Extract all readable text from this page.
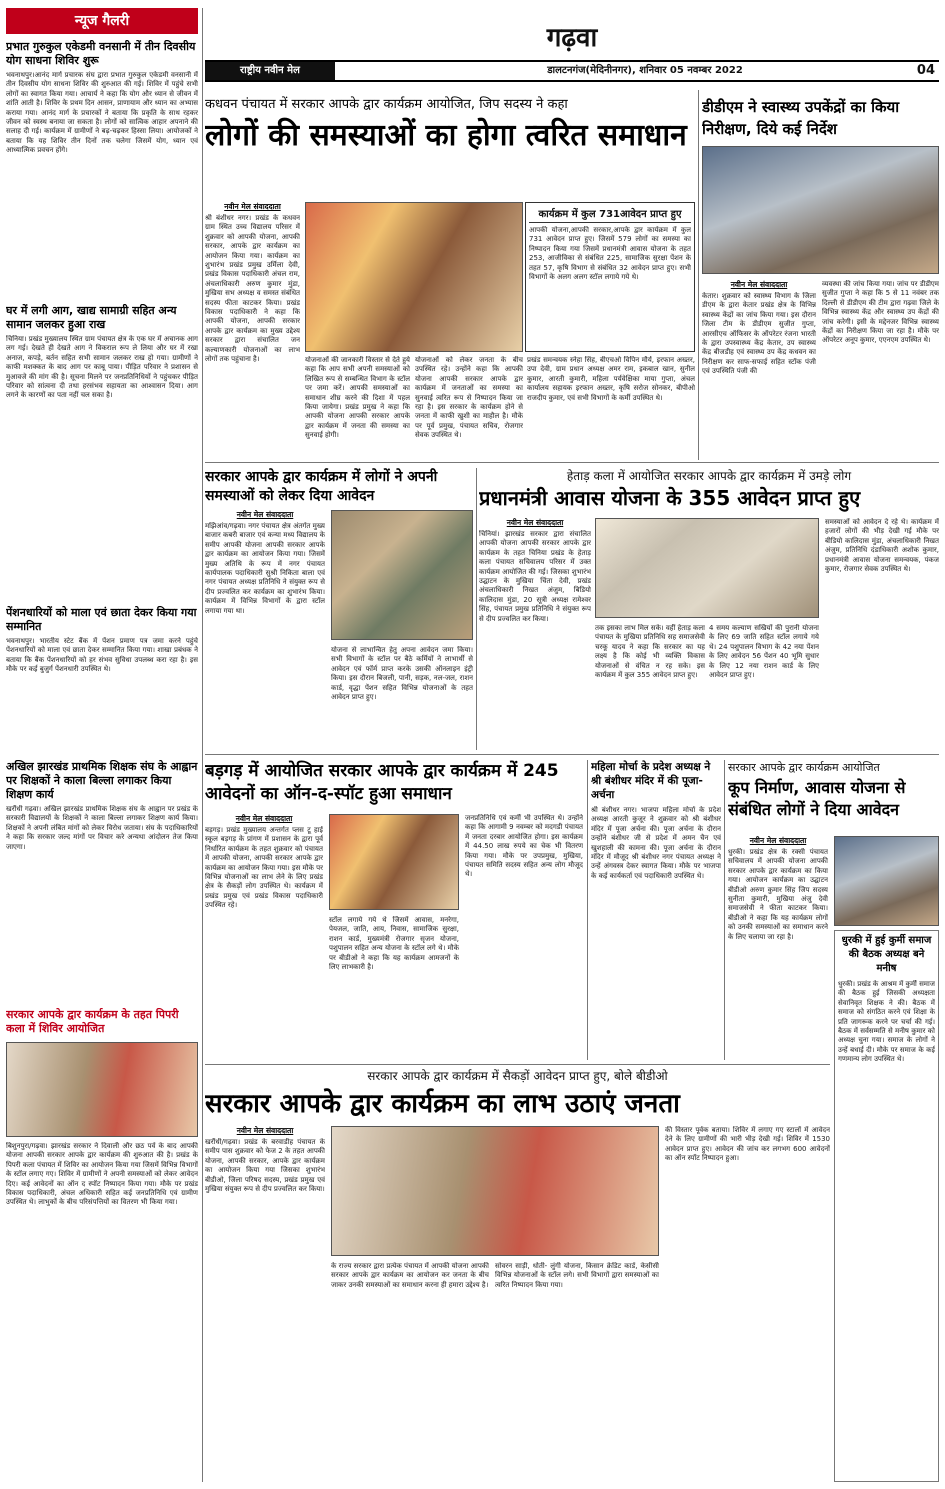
न्यूज गैलरी
प्रभात गुरुकुल एकेडमी वनसानी में तीन दिवसीय योग साधना शिविर शुरू
भवनाथपुर।आनंद मार्ग प्रचारक संघ द्वारा प्रभात गुरुकुल एकेडमी वनसानी में तीन दिवसीय योग साधना शिविर की शुरुआत की गई। शिविर में पहुंचे सभी लोगों का स्वागत किया गया। आचार्य ने कहा कि योग और ध्यान से जीवन में शांति आती है। शिविर के प्रथम दिन आसन, प्राणायाम और ध्यान का अभ्यास कराया गया। आनंद मार्ग के प्रचारकों ने बताया कि प्रकृति के साथ रहकर जीवन को स्वस्थ बनाया जा सकता है। लोगों को सात्विक आहार अपनाने की सलाह दी गई। कार्यक्रम में ग्रामीणों ने बढ़-चढ़कर हिस्सा लिया। आयोजकों ने बताया कि यह शिविर तीन दिनों तक चलेगा जिसमें योग, ध्यान एवं आध्यात्मिक प्रवचन होंगे।
घर में लगी आग, खाद्य सामाग्री सहित अन्य सामान जलकर हुआ राख
चिनिया। प्रखंड मुख्यालय स्थित ग्राम पंचायत क्षेत्र के एक घर में अचानक आग लग गई। देखते ही देखते आग ने विकराल रूप ले लिया और घर में रखा अनाज, कपड़े, बर्तन सहित सभी सामान जलकर राख हो गया। ग्रामीणों ने काफी मशक्कत के बाद आग पर काबू पाया। पीड़ित परिवार ने प्रशासन से मुआवजे की मांग की है। सूचना मिलने पर जनप्रतिनिधियों ने पहुंचकर पीड़ित परिवार को सांत्वना दी तथा हरसंभव सहायता का आश्वासन दिया। आग लगने के कारणों का पता नहीं चल सका है।
पेंशनधारियों को माला एवं छाता देकर किया गया सम्मानित
भवनाथपुर। भारतीय स्टेट बैंक में पेंशन प्रमाण पत्र जमा करने पहुंचे पेंशनधारियों को माला एवं छाता देकर सम्मानित किया गया। शाखा प्रबंधक ने बताया कि बैंक पेंशनधारियों को हर संभव सुविधा उपलब्ध करा रहा है। इस मौके पर कई बुजुर्ग पेंशनधारी उपस्थित थे।
अखिल झारखंड प्राथमिक शिक्षक संघ के आह्वान पर शिक्षकों ने काला बिल्ला लगाकर किया शिक्षण कार्य
खरौंधी गढ़वा। अखिल झारखंड प्राथमिक शिक्षक संघ के आह्वान पर प्रखंड के सरकारी विद्यालयों के शिक्षकों ने काला बिल्ला लगाकर शिक्षण कार्य किया। शिक्षकों ने अपनी लंबित मांगों को लेकर विरोध जताया। संघ के पदाधिकारियों ने कहा कि सरकार जल्द मांगों पर विचार करे अन्यथा आंदोलन तेज किया जाएगा।
सरकार आपके द्वार कार्यक्रम के तहत पिपरी कला में शिविर आयोजित
बिशुनपुरा/गढ़वा। झारखंड सरकार ने दिवाली और छठ पर्व के बाद आपकी योजना आपकी सरकार आपके द्वार कार्यक्रम की शुरुआत की है। प्रखंड के पिपरी कला पंचायत में शिविर का आयोजन किया गया जिसमें विभिन्न विभागों के स्टॉल लगाए गए। शिविर में ग्रामीणों ने अपनी समस्याओं को लेकर आवेदन दिए। कई आवेदनों का ऑन द स्पॉट निष्पादन किया गया। मौके पर प्रखंड विकास पदाधिकारी, अंचल अधिकारी सहित कई जनप्रतिनिधि एवं ग्रामीण उपस्थित थे। लाभुकों के बीच परिसंपत्तियों का वितरण भी किया गया।
गढ़वा
राष्ट्रीय नवीन मेल	डालटनगंज(मेदिनीनगर), शनिवार 05 नवम्बर 2022	04
कधवन पंचायत में सरकार आपके द्वार कार्यक्रम आयोजित, जिप सदस्य ने कहा
लोगों की समस्याओं का होगा त्वरित समाधान
नवीन मेल संवाददाता
श्री बंशीधर नगर। प्रखंड के कधवन ग्राम स्थित उच्च विद्यालय परिसर में शुक्रवार को आपकी योजना, आपकी सरकार, आपके द्वार कार्यक्रम का आयोजन किया गया। कार्यक्रम का शुभारंभ प्रखंड प्रमुख उर्मिला देवी, प्रखंड विकास पदाधिकारी अंचल राम, अंचलाधिकारी अरुण कुमार मुंडा, मुखिया सभ अध्यक्ष व समस्त संबंधित सदस्य फीता काटकर किया। प्रखंड विकास पदाधिकारी ने कहा कि आपकी योजना, आपकी सरकार आपके द्वार कार्यक्रम का मुख्य उद्देश्य सरकार द्वारा संचालित जन कल्याणकारी योजनाओं का लाभ लोगों तक पहुंचाना है।
कार्यक्रम में कुल 731आवेदन प्राप्त हुए
आपकी योजना,आपकी सरकार,आपके द्वार कार्यक्रम में कुल 731 आवेदन प्राप्त हुए। जिसमें 579 लोगों का समस्या का निष्पादन किया गया जिसमें प्रधानमंत्री आवास योजना के तहत 253, आजीविका से संबंधित 225, सामाजिक सुरक्षा पेंशन के तहत 57, कृषि विभाग से संबंधित 32 आवेदन प्राप्त हुए। सभी विभागों के अलग अलग स्टॉल लगाये गये थे।
योजनाओं की जानकारी विस्तार से देते हुये कहा कि आप सभी अपनी समस्याओं को लिखित रूप से सम्बन्धित विभाग के स्टॉल पर जमा करें। आपकी समस्याओं का समाधान शीघ्र करने की दिशा में पहल किया जायेगा। प्रखंड प्रमुख ने कहा कि आपकी योजना आपकी सरकार आपके द्वार कार्यक्रम में जनता की समस्या का सुनवाई होगी।
योजनाओं को लेकर जनता के बीच उपस्थित रहे। उन्होंने कहा कि आपकी योजना आपकी सरकार आपके द्वार कार्यक्रम में जनताओं का समस्या का सुनवाई त्वरित रूप से निष्पादन किया जा रहा है। इस सरकार के कार्यक्रम होने से जनता में काफी खुशी का माहौल है। मौके पर पूर्व प्रमुख, पंचायत सचिव, रोजगार सेवक उपस्थित थे।
प्रखंड समन्वयक स्नेहा सिंह, बीएचओ विपिन मौर्य, इरफान अख्तर, उपा देवी, ग्राम प्रधान अध्यक्ष अमर राम, इकबाल खान, सुनील कुमार, आरती कुमारी, महिला पर्यवेक्षिका माया गुप्ता, अंचल कार्यालय सहायक इरफान अख्तर, कृषि सरोज सोनकर, बीपीओ राजदीप कुमार, एवं सभी विभागों के कर्मी उपस्थित थे।
डीडीएम ने स्वास्थ्य उपकेंद्रों का किया निरीक्षण, दिये कई निर्देश
नवीन मेल संवाददाता
केतार। शुक्रवार को स्वास्थ्य विभाग के जिला डीएम के द्वारा केतार प्रखंड क्षेत्र के विभिन्न स्वास्थ्य केंद्रों का जांच किया गया। इस दौरान जिला टीम के डीडीएम सुजीत गुप्ता, आरसीएच ऑफिसर के ऑपरेटर रंजना भारती के द्वारा उपस्वास्थ्य केंद्र केतार, उप स्वास्थ्य केंद्र बीजडीह एवं स्वास्थ्य उप केंद्र कधवन का निरीक्षण कर साफ-सफाई सहित स्टॉक पंजी एवं उपस्थिति पंजी की
व्यवस्था की जांच किया गया। जांच पर डीडीएम सुजीत गुप्ता ने कहा कि 5 से 11 नवंबर तक दिल्ली से डीडीएम की टीम द्वारा गढ़वा जिले के विभिन्न स्वास्थ्य केंद्र और स्वास्थ्य उप केंद्रों की जांच करेगी। इसी के मद्देनजर विभिन्न स्वास्थ्य केंद्रों का निरीक्षण किया जा रहा है। मौके पर ऑपरेटर अनूप कुमार, एएनएम उपस्थित थे।
सरकार आपके द्वार कार्यक्रम में लोगों ने अपनी समस्याओं को लेकर दिया आवेदन
नवीन मेल संवाददाता
मझिआंव/गढ़वा। नगर पंचायत क्षेत्र अंतर्गत मुख्य बाजार कबरी बाजार एवं कन्या मध्य विद्यालय के समीप आपकी योजना आपकी सरकार आपके द्वार कार्यक्रम का आयोजन किया गया। जिसमें मुख्य अतिथि के रूप में नगर पंचायत कार्यपालक पदाधिकारी सुश्री निकिता बाला एवं नगर पंचायत अध्यक्ष प्रतिनिधि ने संयुक्त रूप से दीप प्रज्वलित कर कार्यक्रम का शुभारंभ किया। कार्यक्रम में विभिन्न विभागों के द्वारा स्टॉल लगाया गया था।
योजना से लाभान्वित हेतु अपना आवेदन जमा किया। सभी विभागों के स्टॉल पर बैठे कर्मियों ने लाभार्थी से आवेदन एवं फॉर्म प्राप्त करके उसकी ऑनलाइन इंट्री किया। इस दौरान बिजली, पानी, सड़क, नल-जल, राशन कार्ड, वृद्धा पेंशन सहित विभिन्न योजनाओं के तहत आवेदन प्राप्त हुए।
हेताड़ कला में आयोजित सरकार आपके द्वार कार्यक्रम में उमड़े लोग
प्रधानमंत्री आवास योजना के 355 आवेदन प्राप्त हुए
नवीन मेल संवाददाता
चिनियां। झारखंड सरकार द्वारा संचालित आपकी योजना आपकी सरकार आपके द्वार कार्यक्रम के तहत चिनिया प्रखंड के हेताड़ कला पंचायत सचिवालय परिसर में उक्त कार्यक्रम आयोजित की गई। जिसका शुभारंभ उद्घाटन के मुखिया चिंता देवी, प्रखंड अंचलाधिकारी निखत अंजुम, बिडियो कालिदास मुंडा, 20 सूत्री अध्यक्ष रामेश्वर सिंह, पंचायत प्रमुख प्रतिनिधि ने संयुक्त रूप से दीप प्रज्वलित कर किया।
तक इसका लाभ मिल सके। वहीं हेताड़ कला पंचायत के मुखिया प्रतिनिधि सह समाजसेवी चरकू यादव ने कहा कि सरकार का यह लक्ष्य है कि कोई भी व्यक्ति विकास योजनाओं से वंचित न रह सके। इस कार्यक्रम में कुल 355 आवेदन प्राप्त हुए।
4 समय कल्याण सखियों की पुरानी योजना के लिए 69 जाति सहित स्टॉल लगाये गये थे। 24 पशुपालन विभाग के 42 नया पेंशन के लिए आवेदन 56 पेंशन 40 भूमि सुधार के लिए 12 नया राशन कार्ड के लिए आवेदन प्राप्त हुए।
समस्याओं को आवेदन दे रहे थे। कार्यक्रम में हजारों लोगों की भीड़ देखी गई मौके पर बीडियो कालिदास मुंडा, अंचलाधिकारी निखत अंजुम, प्रतिनिधि दंडाधिकारी अशोक कुमार, प्रधानमंत्री आवास योजना समन्वयक, पंकज कुमार, रोजगार सेवक उपस्थित थे।
बड़गड़ में आयोजित सरकार आपके द्वार कार्यक्रम में 245 आवेदनों का ऑन-द-स्पॉट हुआ समाधान
नवीन मेल संवाददाता
बड़गड़। प्रखंड मुख्यालय अन्तर्गत प्लस टू हाई स्कूल बड़गड़ के प्रांगण में प्रशासन के द्वारा पूर्व निर्धारित कार्यक्रम के तहत शुक्रवार को पंचायत में आपकी योजना, आपकी सरकार आपके द्वार कार्यक्रम का आयोजन किया गया। इस मौके पर विभिन्न योजनाओं का लाभ लेने के लिए प्रखंड क्षेत्र के सैकड़ों लोग उपस्थित थे। कार्यक्रम में प्रखंड प्रमुख एवं प्रखंड विकास पदाधिकारी उपस्थित रहे।
स्टॉल लगाये गये थे जिसमें आवास, मनरेगा, पेयजल, जाति, आय, निवास, सामाजिक सुरक्षा, राशन कार्ड, मुख्यमंत्री रोजगार सृजन योजना, पशुपालन सहित अन्य योजना के स्टॉल लगे थे। मौके पर बीडीओ ने कहा कि यह कार्यक्रम आमजनों के लिए लाभकारी है।
जनप्रतिनिधि एवं कर्मी भी उपस्थित थे। उन्होंने कहा कि आगामी 9 नवम्बर को मदगडी पंचायत में जनता दरबार आयोजित होगा। इस कार्यक्रम में 44.50 लाख रुपये का चेक भी वितरण किया गया। मौके पर उपप्रमुख, मुखिया, पंचायत समिति सदस्य सहित अन्य लोग मौजूद थे।
महिला मोर्चा के प्रदेश अध्यक्ष ने श्री बंशीधर मंदिर में की पूजा-अर्चना
श्री बंशीधर नगर। भाजपा महिला मोर्चा के प्रदेश अध्यक्ष आरती कुजूर ने शुक्रवार को श्री बंशीधर मंदिर में पूजा अर्चना की। पूजा अर्चना के दौरान उन्होंने बंशीधर जी से प्रदेश में अमन चैन एवं खुशहाली की कामना की। पूजा अर्चना के दौरान मंदिर में मौजूद श्री बंशीधर नगर पंचायत अध्यक्ष ने उन्हें अंगवस्त्र देकर स्वागत किया। मौके पर भाजपा के कई कार्यकर्ता एवं पदाधिकारी उपस्थित थे।
सरकार आपके द्वार कार्यक्रम आयोजित
कूप निर्माण, आवास योजना से संबंधित लोगों ने दिया आवेदन
नवीन मेल संवाददाता
धुरकी। प्रखंड क्षेत्र के रक्सी पंचायत सचिवालय में आपकी योजना आपकी सरकार आपके द्वार कार्यक्रम का किया गया। आयोजन कार्यक्रम का उद्घाटन बीडीओ अरुण कुमार सिंह जिप सदस्य सुनीता कुमारी, मुखिया अंजु देवी समाजसेवी ने फीता काटकर किया। बीडीओ ने कहा कि यह कार्यक्रम लोगों को उनकी समस्याओं का समाधान करने के लिए चलाया जा रहा है।	धुरकी में हुई कुर्मी समाज की बैठक अध्यक्ष बने मनीष
धुरकी। प्रखंड के आश्रम में कुर्मी समाज की बैठक हुई जिसकी अध्यक्षता सेवानिवृत शिक्षक ने की। बैठक में समाज को संगठित करने एवं शिक्षा के प्रति जागरूक करने पर चर्चा की गई। बैठक में सर्वसम्मति से मनीष कुमार को अध्यक्ष चुना गया। समाज के लोगों ने उन्हें बधाई दी। मौके पर समाज के कई गणमान्य लोग उपस्थित थे।
सरकार आपके द्वार कार्यक्रम में सैकड़ों आवेदन प्राप्त हुए, बोले बीडीओ
सरकार आपके द्वार कार्यक्रम का लाभ उठाएं जनता
नवीन मेल संवाददाता
खरौंधी/गढ़वा। प्रखंड के बरवाडीह पंचायत के समीप पास शुक्रवार को फेज 2 के तहत आपकी योजना, आपकी सरकार, आपके द्वार कार्यक्रम का आयोजन किया गया जिसका शुभारंभ बीडीओ, जिला परिषद सदस्य, प्रखंड प्रमुख एवं मुखिया संयुक्त रूप से दीप प्रज्वलित कर किया।
के राज्य सरकार द्वारा प्रत्येक पंचायत में आपकी योजना आपकी सरकार आपके द्वार कार्यक्रम का आयोजन कर जनता के बीच जाकर उनकी समस्याओं का समाधान करना ही हमारा उद्देश्य है।
सोवरन साड़ी, धोती- लुंगी योजना, किसान क्रेडिट कार्ड, केसीसी विभिन्न योजनाओं के स्टॉल लगे। सभी विभागों द्वारा समस्याओं का त्वरित निष्पादन किया गया।
की विस्तार पूर्वक बताया। शिविर में लगाए गए स्टालों में आवेदन देने के लिए ग्रामीणों की भारी भीड़ देखी गई। शिविर में 1530 आवेदन प्राप्त हुए। आवेदन की जांच कर लगभग 600 आवेदनों का ऑन स्पॉट निष्पादन हुआ।
